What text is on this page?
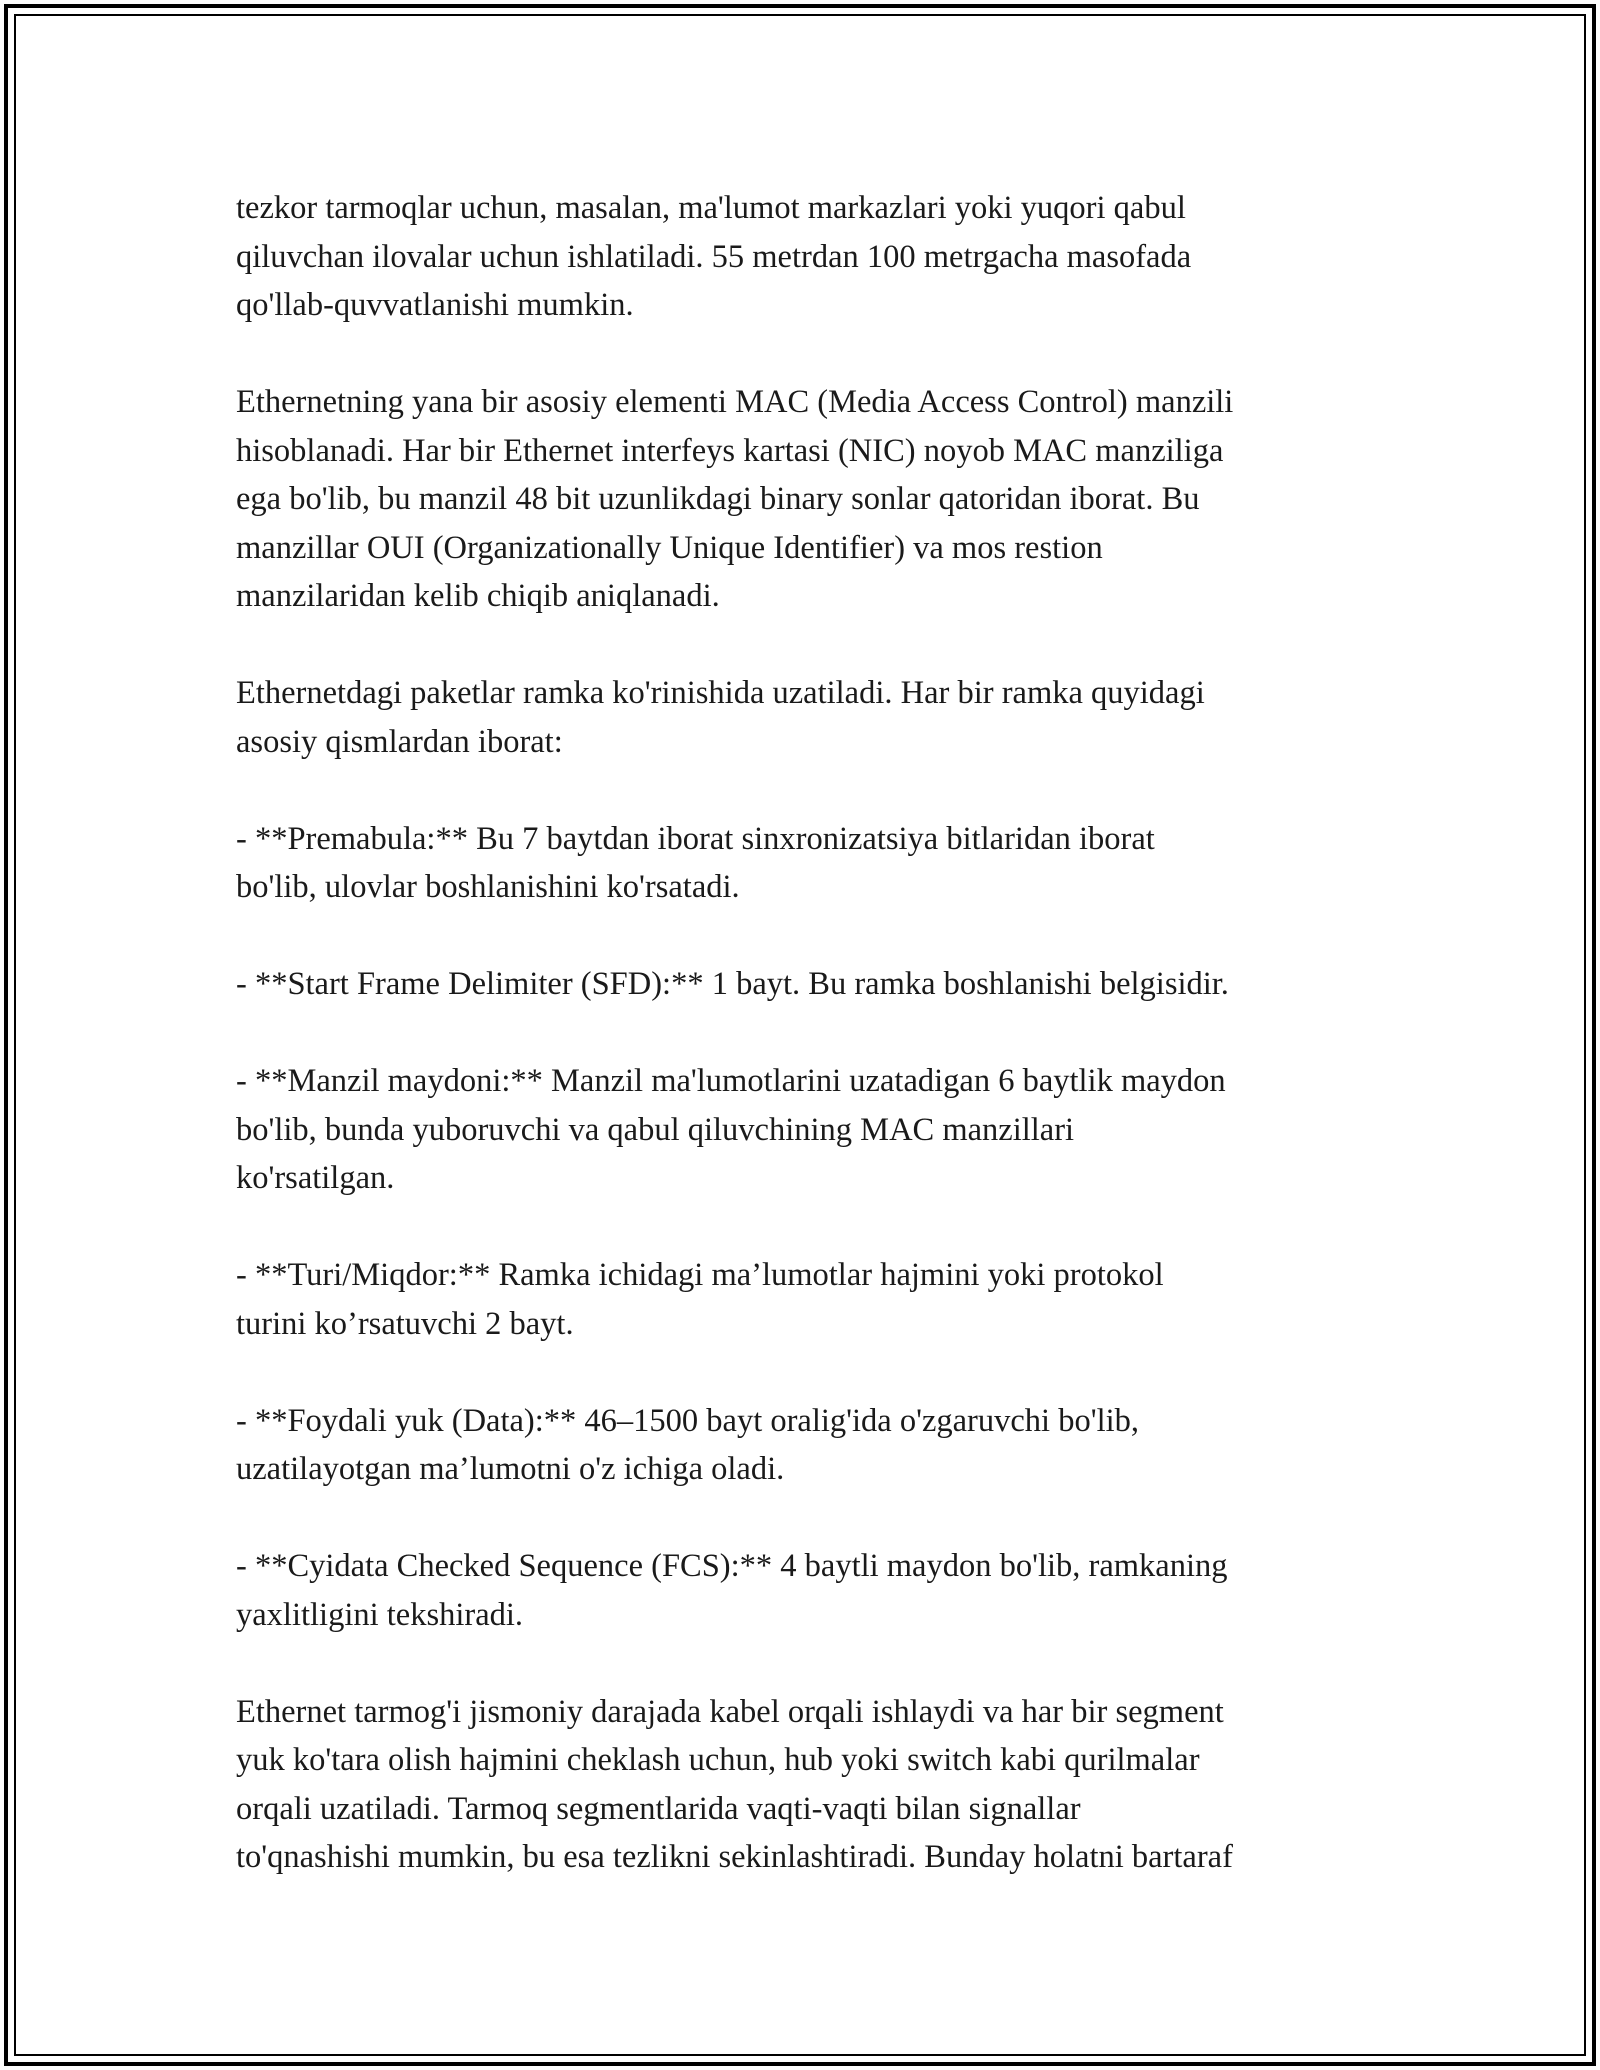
tezkor tarmoqlar uchun, masalan, ma'lumot markazlari yoki yuqori qabul
qiluvchan ilovalar uchun ishlatiladi. 55 metrdan 100 metrgacha masofada
qo'llab-quvvatlanishi mumkin.

Ethernetning yana bir asosiy elementi MAC (Media Access Control) manzili
hisoblanadi. Har bir Ethernet interfeys kartasi (NIC) noyob MAC manziliga
ega bo'lib, bu manzil 48 bit uzunlikdagi binary sonlar qatoridan iborat. Bu
manzillar OUI (Organizationally Unique Identifier) va mos restion
manzilaridan kelib chiqib aniqlanadi.

Ethernetdagi paketlar ramka ko'rinishida uzatiladi. Har bir ramka quyidagi
asosiy qismlardan iborat:

- **Premabula:** Bu 7 baytdan iborat sinxronizatsiya bitlaridan iborat
bo'lib, ulovlar boshlanishini ko'rsatadi.

- **Start Frame Delimiter (SFD):** 1 bayt. Bu ramka boshlanishi belgisidir.

- **Manzil maydoni:** Manzil ma'lumotlarini uzatadigan 6 baytlik maydon
bo'lib, bunda yuboruvchi va qabul qiluvchining MAC manzillari
ko'rsatilgan.

- **Turi/Miqdor:** Ramka ichidagi ma’lumotlar hajmini yoki protokol
turini ko’rsatuvchi 2 bayt.

- **Foydali yuk (Data):** 46–1500 bayt oralig'ida o'zgaruvchi bo'lib,
uzatilayotgan ma’lumotni o'z ichiga oladi.

- **Cyidata Checked Sequence (FCS):** 4 baytli maydon bo'lib, ramkaning
yaxlitligini tekshiradi.

Ethernet tarmog'i jismoniy darajada kabel orqali ishlaydi va har bir segment
yuk ko'tara olish hajmini cheklash uchun, hub yoki switch kabi qurilmalar
orqali uzatiladi. Tarmoq segmentlarida vaqti-vaqti bilan signallar
to'qnashishi mumkin, bu esa tezlikni sekinlashtiradi. Bunday holatni bartaraf
